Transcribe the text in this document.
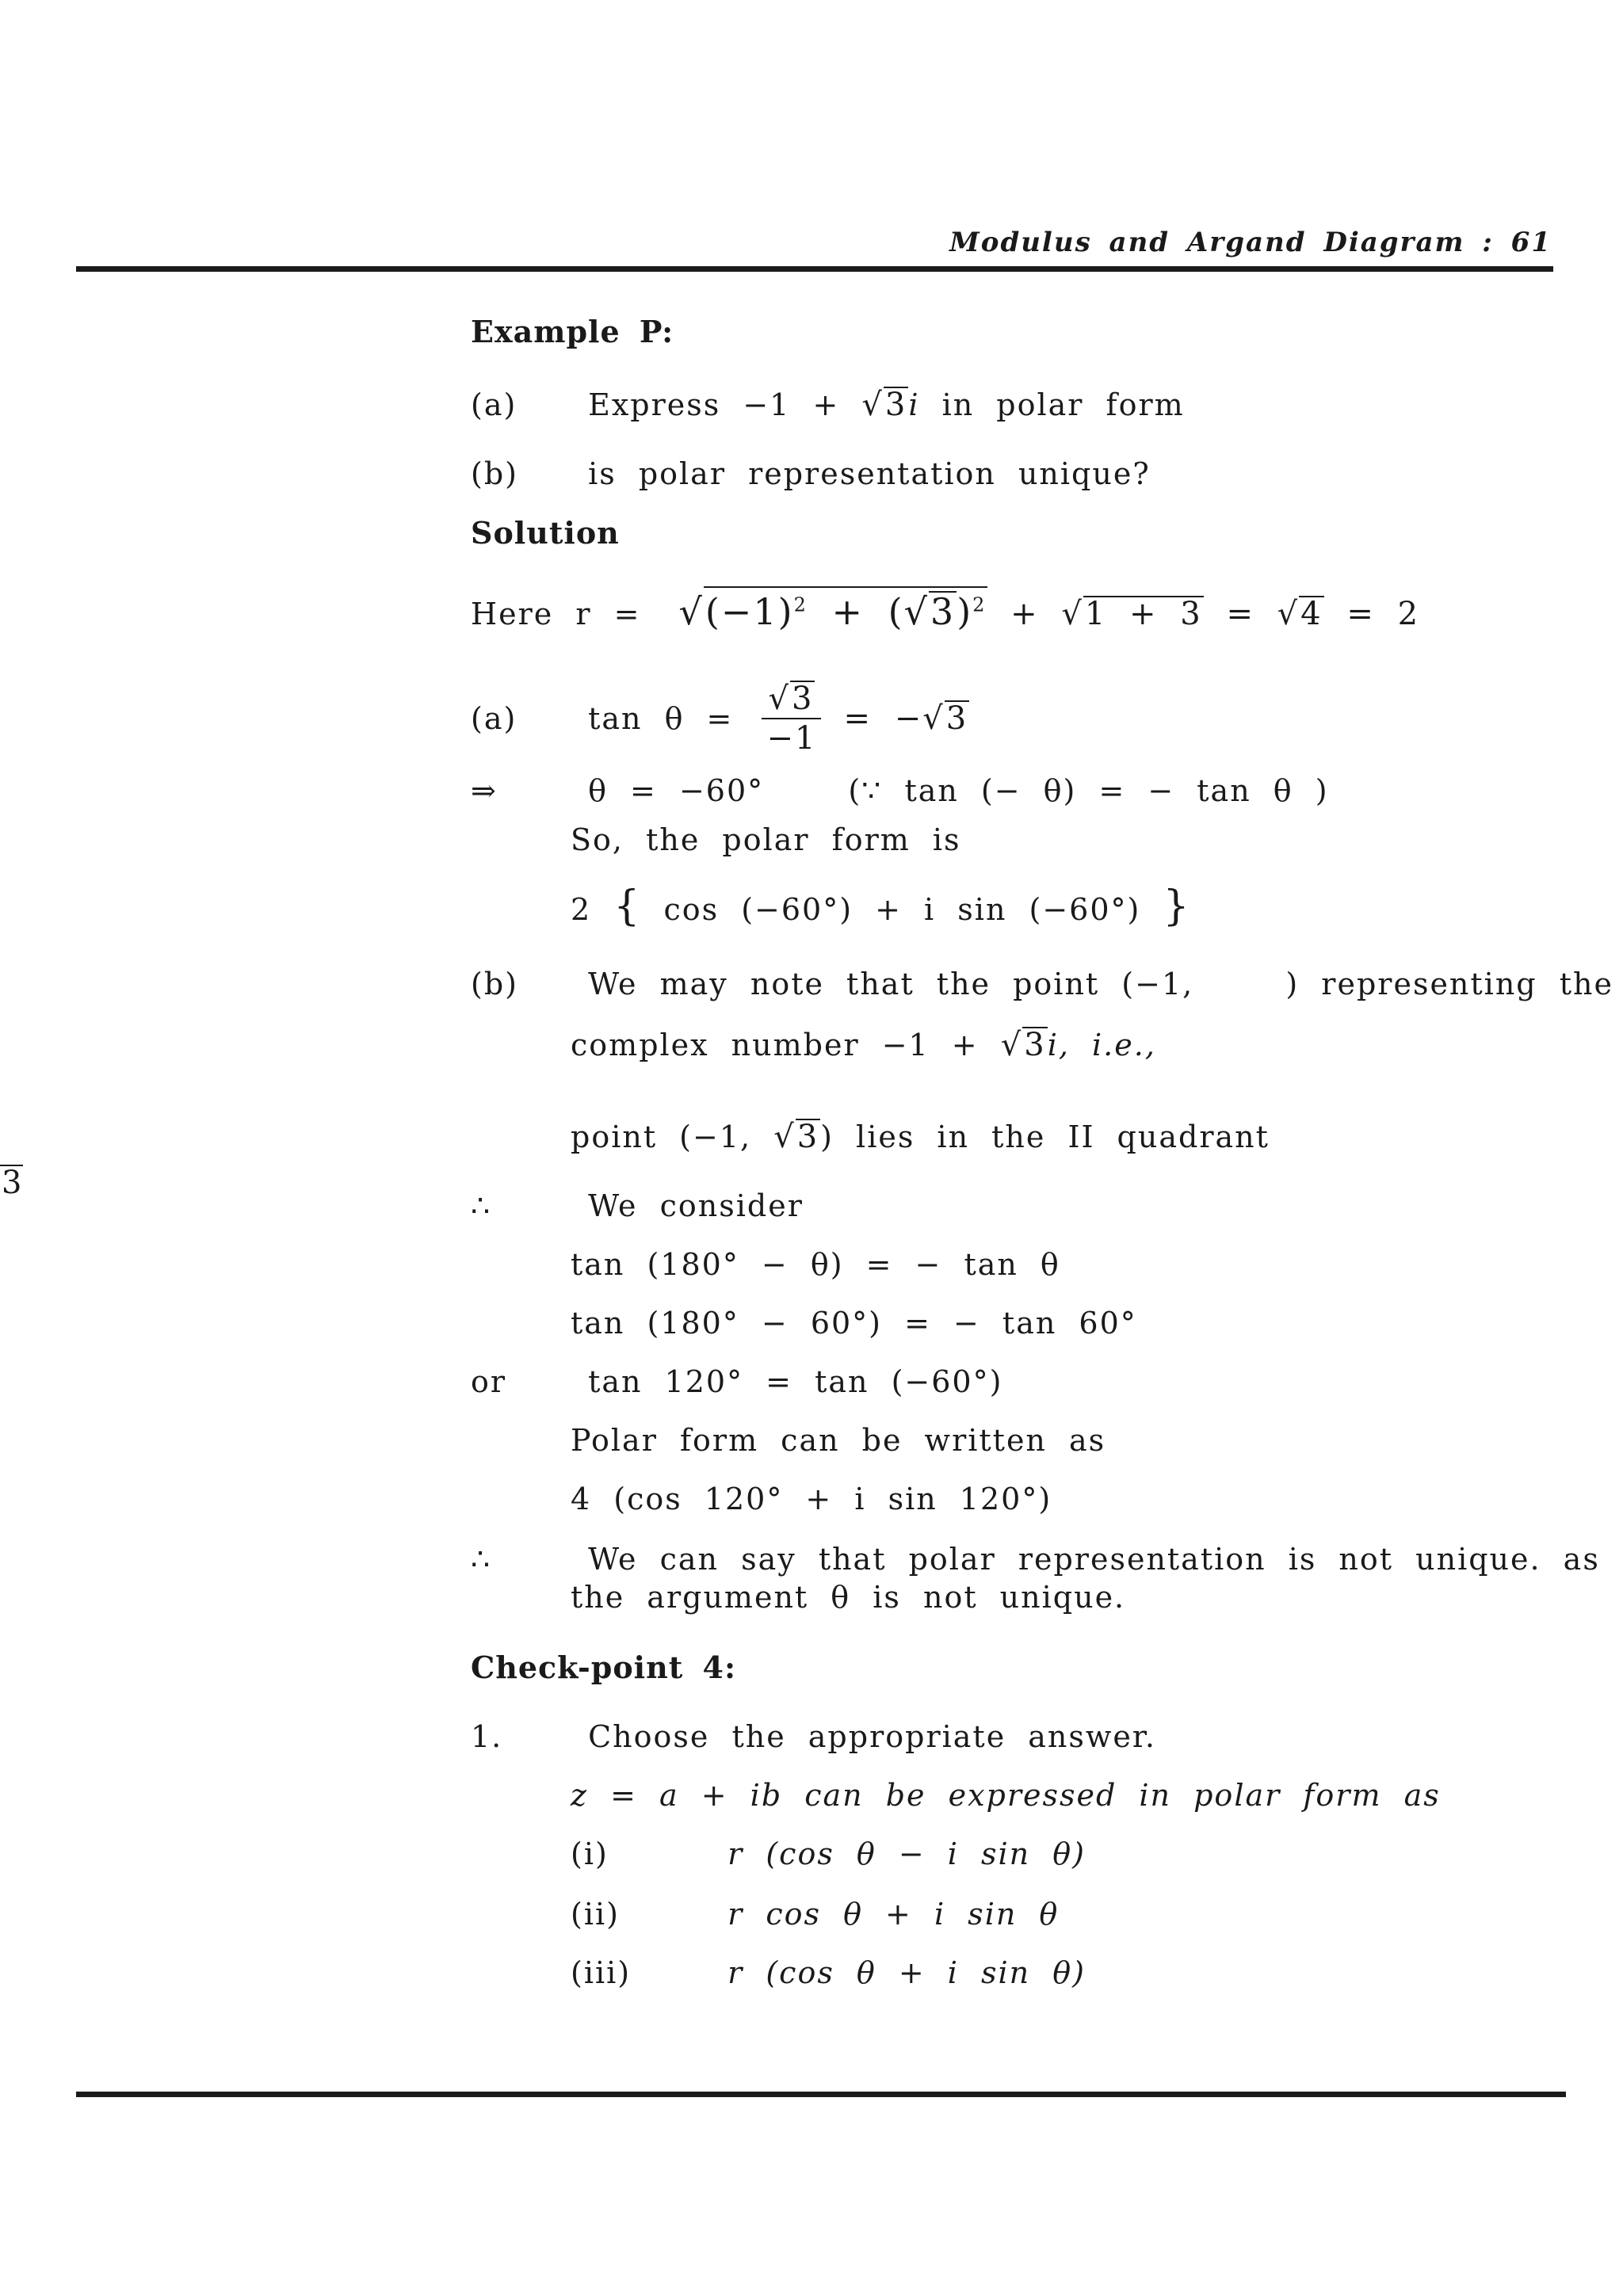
Modulus and Argand Diagram : 61
3
Example P:
(a) Express −1 + √3i in polar form
(b) is polar representation unique?
Solution
Here $r = √(-1)^2 + (√3)^2 + √1 + 3 = √4 = 2$
(a) $\tan \theta = \frac{√3}{-1} = -√3$
⇒	θ = −60°	(∵ tan (− θ) = − tan θ )
So, the polar form is
2 { cos (−60°) + i sin (−60°) }
(b) We may note that the point (−1,	) representing the
complex number −1 + √3i, i.e.,
point (−1, √3) lies in the II quadrant
∴	We consider
tan (180° − θ) = − tan θ
tan (180° − 60°) = − tan 60°
or	tan 120° = tan (−60°)
Polar form can be written as
4 (cos 120° + i sin 120°)
∴	We can say that polar representation is not unique. as
the argument θ is not unique.
Check-point 4:
1.	Choose the appropriate answer.
z = a + ib can be expressed in polar form as
(i)	r (cos θ − i sin θ)
(ii)	r cos θ + i sin θ
(iii)	r (cos θ + i sin θ)
